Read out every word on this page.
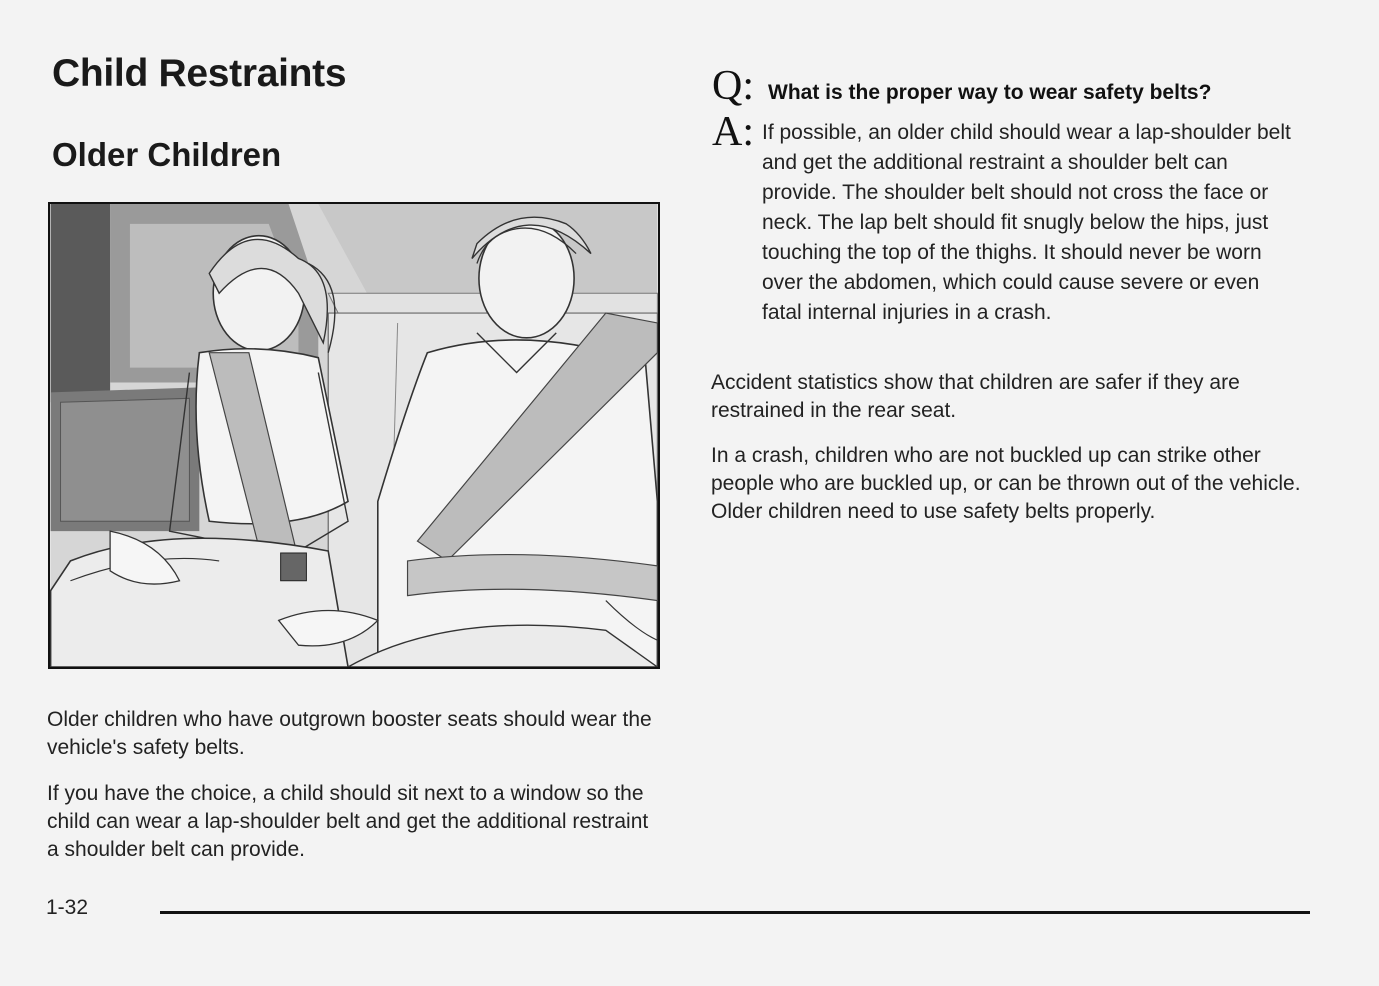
Child Restraints
Older Children

Older children who have outgrown booster seats should wear the vehicle's safety belts.

If you have the choice, a child should sit next to a window so the child can wear a lap-shoulder belt and get the additional restraint a shoulder belt can provide.

Q: What is the proper way to wear safety belts?
A: If possible, an older child should wear a lap-shoulder belt and get the additional restraint a shoulder belt can provide. The shoulder belt should not cross the face or neck. The lap belt should fit snugly below the hips, just touching the top of the thighs. It should never be worn over the abdomen, which could cause severe or even fatal internal injuries in a crash.

Accident statistics show that children are safer if they are restrained in the rear seat.

In a crash, children who are not buckled up can strike other people who are buckled up, or can be thrown out of the vehicle. Older children need to use safety belts properly.

1-32
